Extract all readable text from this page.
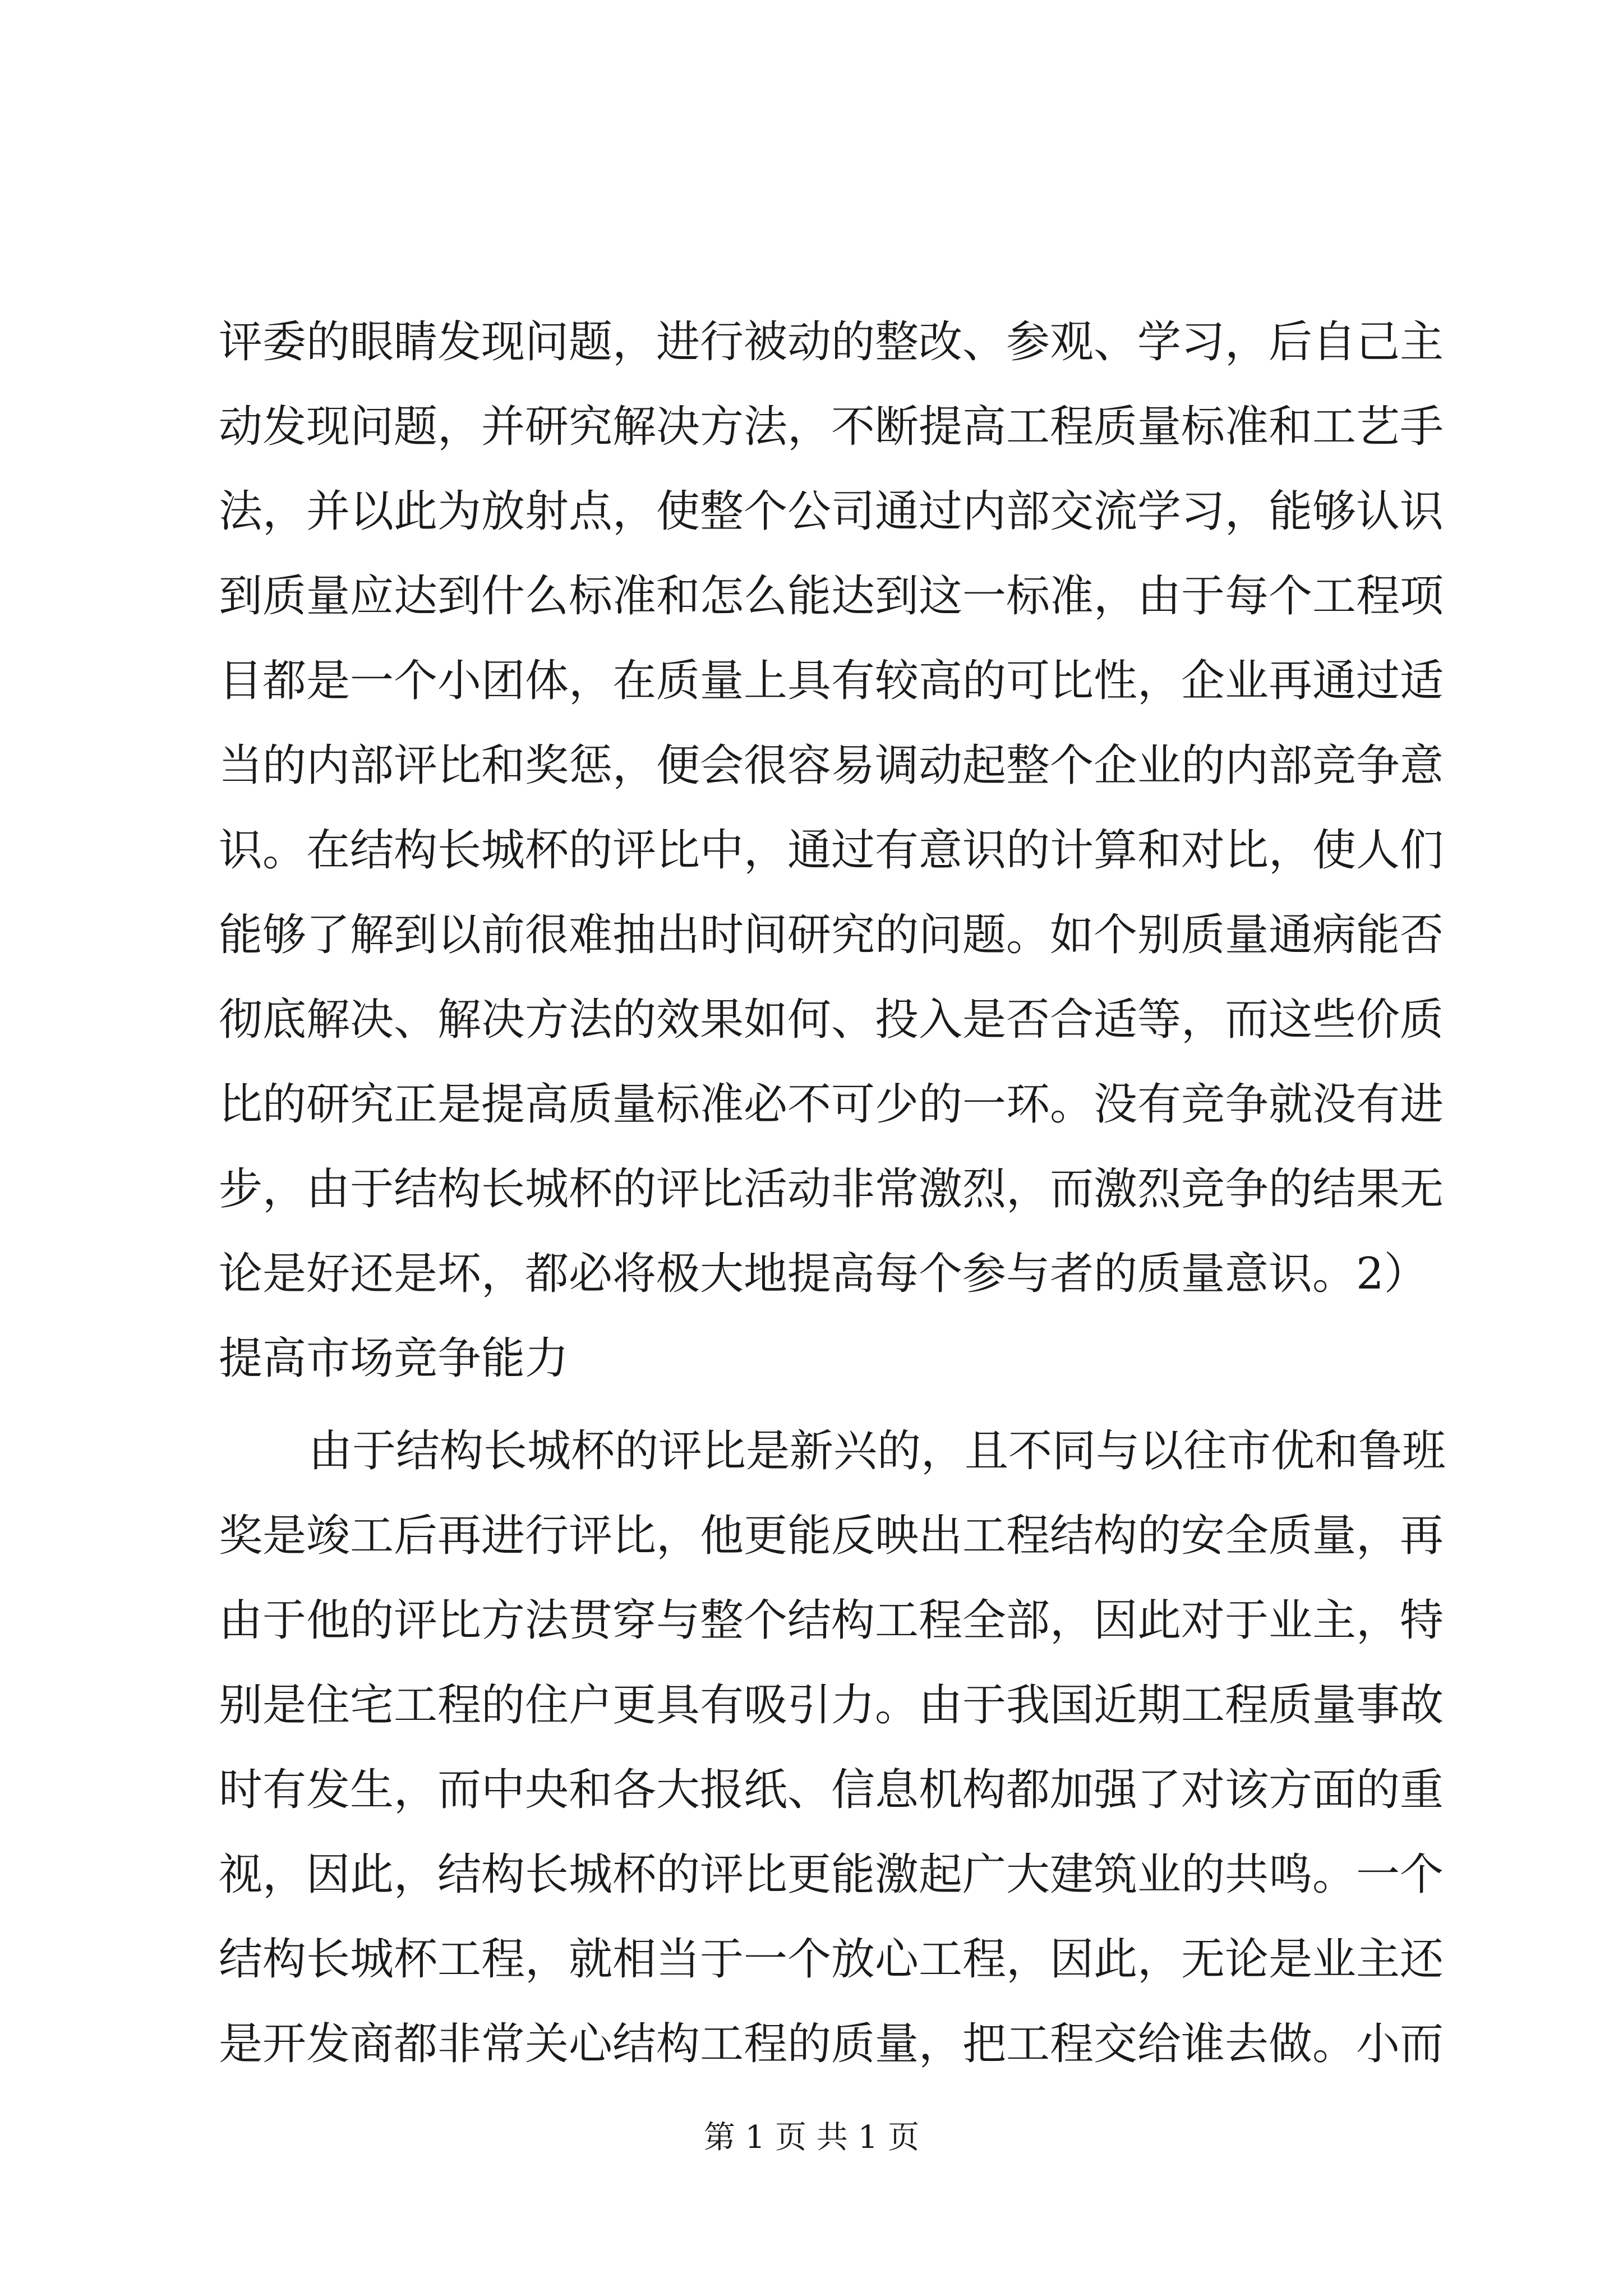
评委的眼睛发现问题，进行被动的整改、参观、学习，后自己主
动发现问题，并研究解决方法，不断提高工程质量标准和工艺手
法，并以此为放射点，使整个公司通过内部交流学习，能够认识
到质量应达到什么标准和怎么能达到这一标准，由于每个工程项
目都是一个小团体，在质量上具有较高的可比性，企业再通过适
当的内部评比和奖惩，便会很容易调动起整个企业的内部竞争意
识。在结构长城杯的评比中，通过有意识的计算和对比，使人们
能够了解到以前很难抽出时间研究的问题。如个别质量通病能否
彻底解决、解决方法的效果如何、投入是否合适等，而这些价质
比的研究正是提高质量标准必不可少的一环。没有竞争就没有进
步，由于结构长城杯的评比活动非常激烈，而激烈竞争的结果无
论是好还是坏，都必将极大地提高每个参与者的质量意识。2）
提高市场竞争能力
由于结构长城杯的评比是新兴的，且不同与以往市优和鲁班
奖是竣工后再进行评比，他更能反映出工程结构的安全质量，再
由于他的评比方法贯穿与整个结构工程全部，因此对于业主，特
别是住宅工程的住户更具有吸引力。由于我国近期工程质量事故
时有发生，而中央和各大报纸、信息机构都加强了对该方面的重
视，因此，结构长城杯的评比更能激起广大建筑业的共鸣。一个
结构长城杯工程，就相当于一个放心工程，因此，无论是业主还
是开发商都非常关心结构工程的质量，把工程交给谁去做。小而
第 1 页 共 1 页
